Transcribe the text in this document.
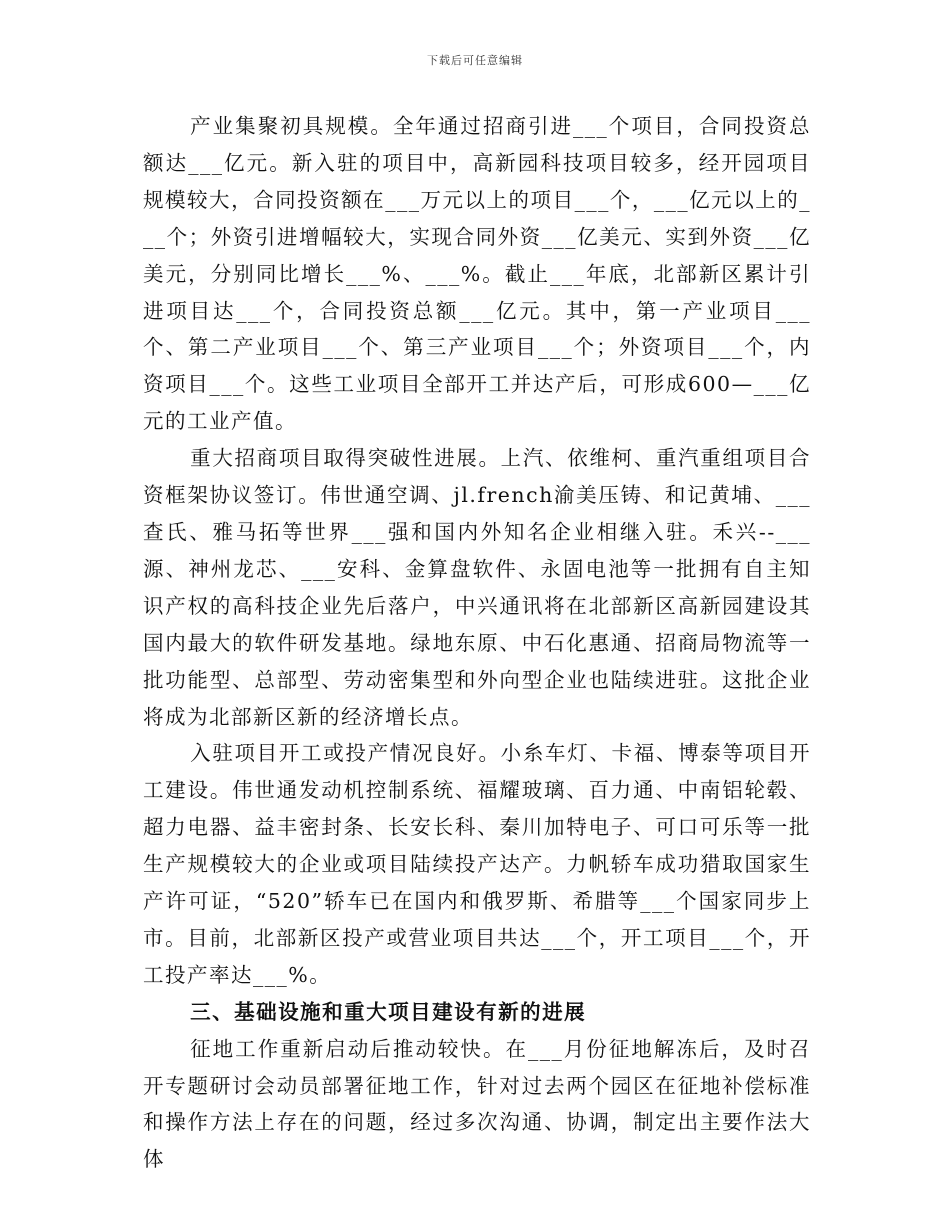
下载后可任意编辑

产业集聚初具规模。全年通过招商引进___个项目，合同投资总额达___亿元。新入驻的项目中，高新园科技项目较多，经开园项目规模较大，合同投资额在___万元以上的项目___个，___亿元以上的___个；外资引进增幅较大，实现合同外资___亿美元、实到外资___亿美元，分别同比增长___%、___%。截止___年底，北部新区累计引进项目达___个，合同投资总额___亿元。其中，第一产业项目___个、第二产业项目___个、第三产业项目___个；外资项目___个，内资项目___个。这些工业项目全部开工并达产后，可形成600—___亿元的工业产值。

重大招商项目取得突破性进展。上汽、依维柯、重汽重组项目合资框架协议签订。伟世通空调、jl.french渝美压铸、和记黄埔、___查氏、雅马拓等世界___强和国内外知名企业相继入驻。禾兴--___源、神州龙芯、___安科、金算盘软件、永固电池等一批拥有自主知识产权的高科技企业先后落户，中兴通讯将在北部新区高新园建设其国内最大的软件研发基地。绿地东原、中石化惠通、招商局物流等一批功能型、总部型、劳动密集型和外向型企业也陆续进驻。这批企业将成为北部新区新的经济增长点。

入驻项目开工或投产情况良好。小糸车灯、卡福、博泰等项目开工建设。伟世通发动机控制系统、福耀玻璃、百力通、中南铝轮毂、超力电器、益丰密封条、长安长科、秦川加特电子、可口可乐等一批生产规模较大的企业或项目陆续投产达产。力帆轿车成功猎取国家生产许可证，“520”轿车已在国内和俄罗斯、希腊等___个国家同步上市。目前，北部新区投产或营业项目共达___个，开工项目___个，开工投产率达___%。

三、基础设施和重大项目建设有新的进展

征地工作重新启动后推动较快。在___月份征地解冻后，及时召开专题研讨会动员部署征地工作，针对过去两个园区在征地补偿标准和操作方法上存在的问题，经过多次沟通、协调，制定出主要作法大体
